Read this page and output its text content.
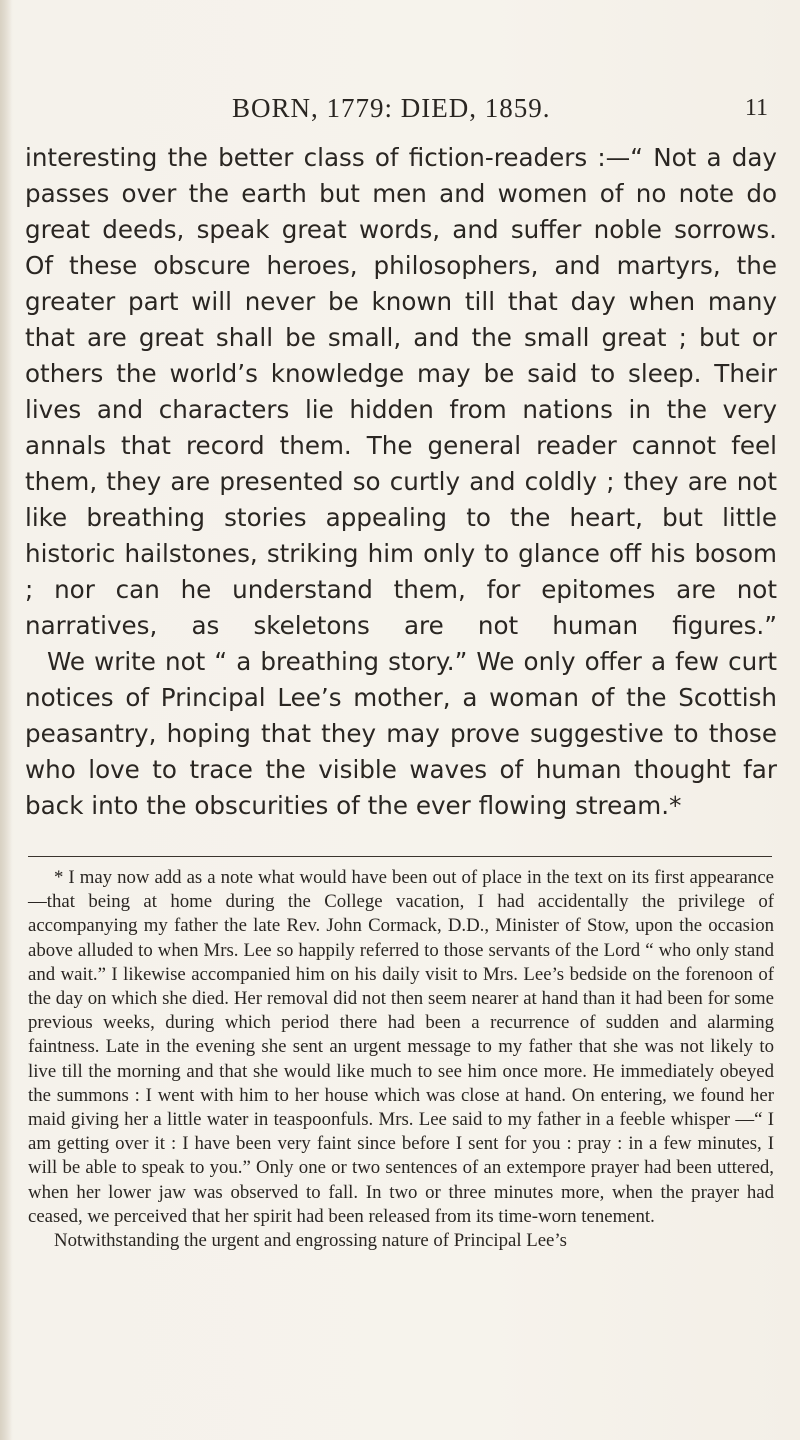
BORN, 1779: DIED, 1859.	11

interesting the better class of fiction-readers :—“ Not a day passes over the earth but men and women of no note do great deeds, speak great words, and suffer noble sorrows. Of these obscure heroes, philosophers, and martyrs, the greater part will never be known till that day when many that are great shall be small, and the small great ; but or others the world’s knowledge may be said to sleep. Their lives and characters lie hidden from nations in the very annals that record them. The general reader cannot feel them, they are presented so curtly and coldly ; they are not like breathing stories appealing to the heart, but little historic hailstones, striking him only to glance off his bosom ; nor can he understand them, for epitomes are not narratives, as skeletons are not human figures.”

We write not “ a breathing story.” We only offer a few curt notices of Principal Lee’s mother, a woman of the Scottish peasantry, hoping that they may prove suggestive to those who love to trace the visible waves of human thought far back into the obscurities of the ever flowing stream.*

* I may now add as a note what would have been out of place in the text on its first appearance—that being at home during the College vacation, I had accidentally the privilege of accompanying my father the late Rev. John Cormack, D.D., Minister of Stow, upon the occasion above alluded to when Mrs. Lee so happily referred to those servants of the Lord “ who only stand and wait.” I likewise accompanied him on his daily visit to Mrs. Lee’s bedside on the forenoon of the day on which she died. Her removal did not then seem nearer at hand than it had been for some previous weeks, during which period there had been a recurrence of sudden and alarming faintness. Late in the evening she sent an urgent message to my father that she was not likely to live till the morning and that she would like much to see him once more. He immediately obeyed the summons : I went with him to her house which was close at hand. On entering, we found her maid giving her a little water in teaspoonfuls. Mrs. Lee said to my father in a feeble whisper —“ I am getting over it : I have been very faint since before I sent for you : pray : in a few minutes, I will be able to speak to you.” Only one or two sentences of an extempore prayer had been uttered, when her lower jaw was observed to fall. In two or three minutes more, when the prayer had ceased, we perceived that her spirit had been released from its time-worn tenement.

Notwithstanding the urgent and engrossing nature of Principal Lee’s
